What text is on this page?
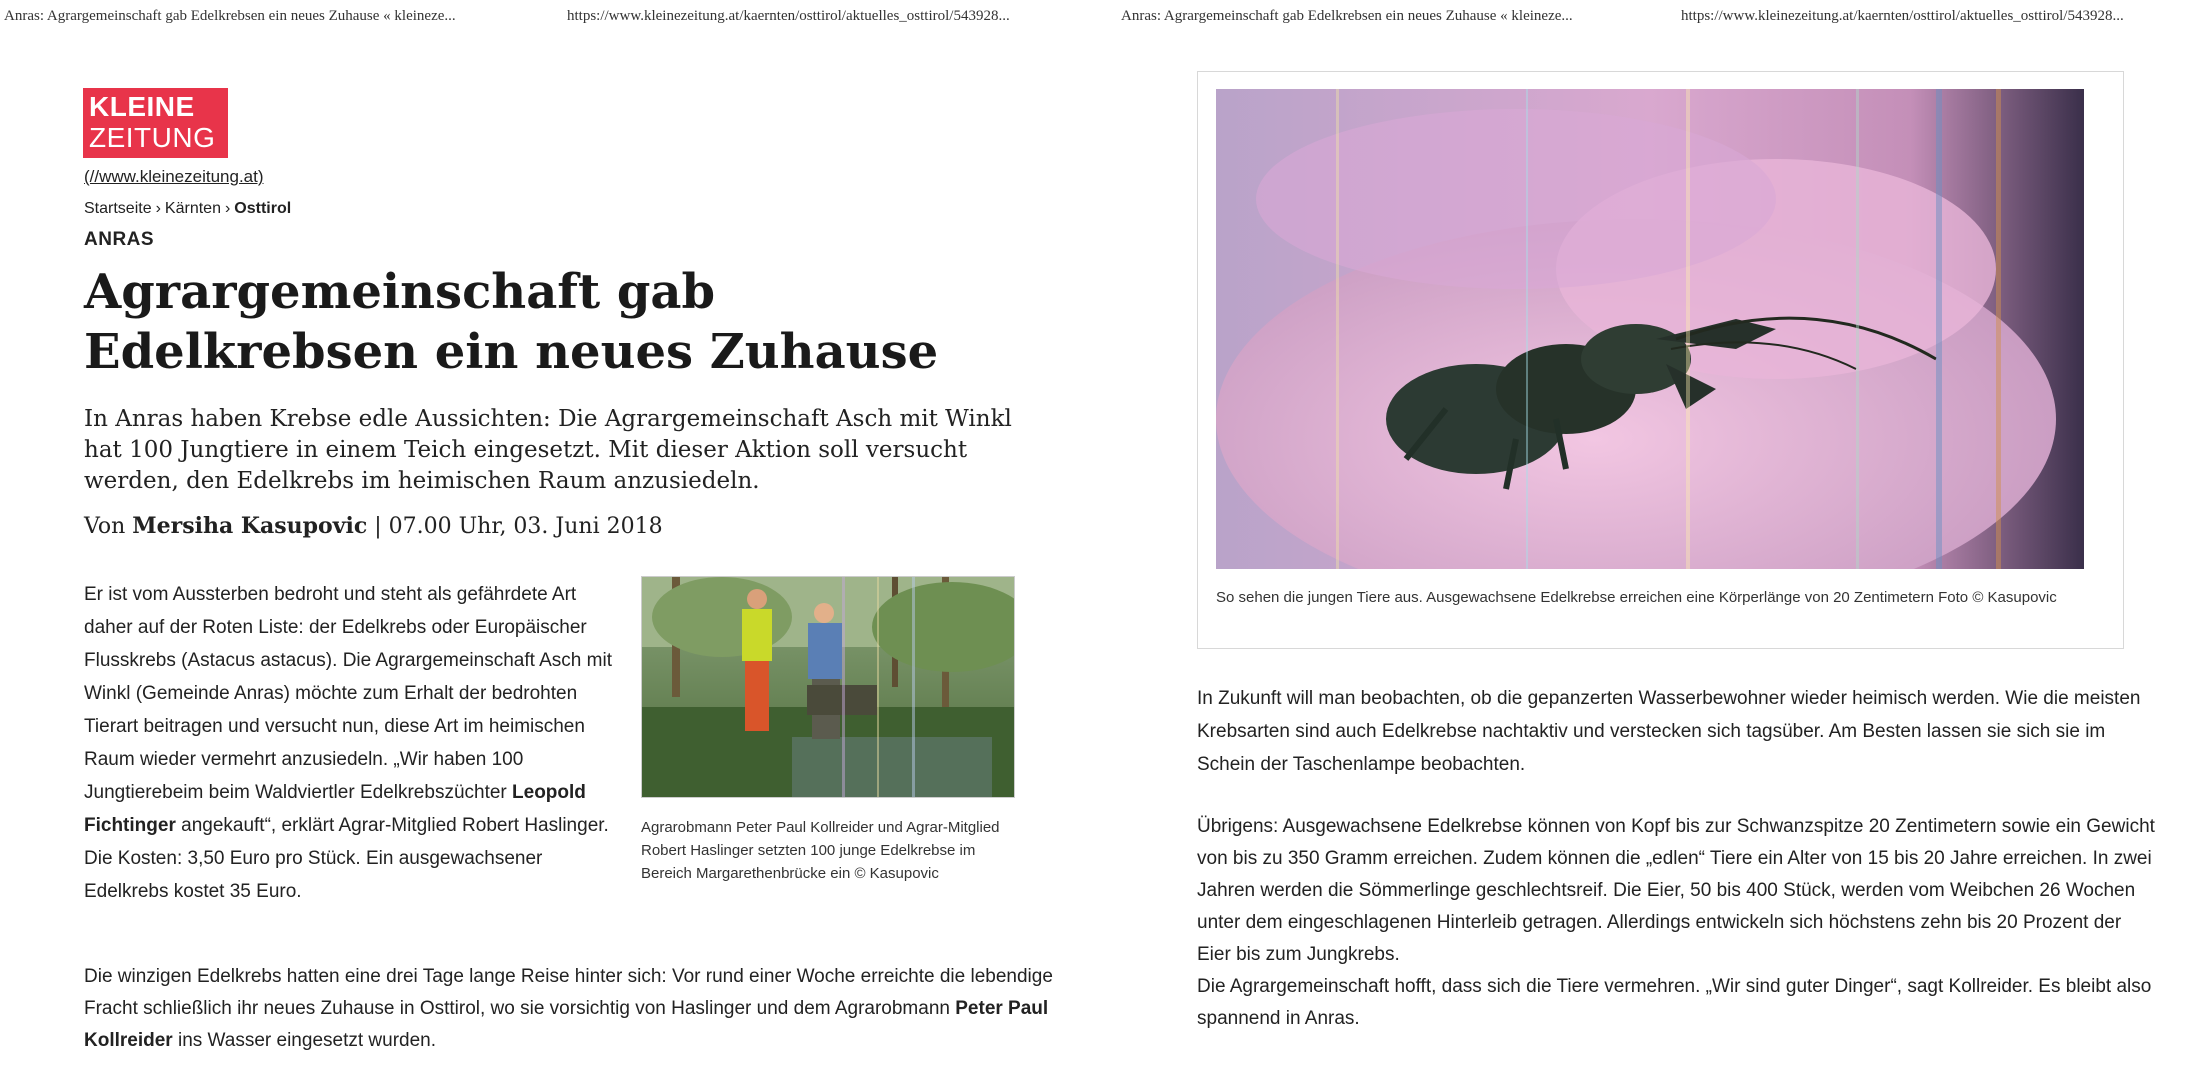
Anras: Agrargemeinschaft gab Edelkrebsen ein neues Zuhause « kleineze...	https://www.kleinezeitung.at/kaernten/osttirol/aktuelles_osttirol/543928...	Anras: Agrargemeinschaft gab Edelkrebsen ein neues Zuhause « kleineze...	https://www.kleinezeitung.at/kaernten/osttirol/aktuelles_osttirol/543928...
KLEINE
ZEITUNG
(//www.kleinezeitung.at)
Startseite › Kärnten › Osttirol
ANRAS
Agrargemeinschaft gab Edelkrebsen ein neues Zuhause

In Anras haben Krebse edle Aussichten: Die Agrargemeinschaft Asch mit Winkl hat 100 Jungtiere in einem Teich eingesetzt. Mit dieser Aktion soll versucht werden, den Edelkrebs im heimischen Raum anzusiedeln.

Von Mersiha Kasupovic | 07.00 Uhr, 03. Juni 2018

Er ist vom Aussterben bedroht und steht als gefährdete Art daher auf der Roten Liste: der Edelkrebs oder Europäischer Flusskrebs (Astacus astacus). Die Agrargemeinschaft Asch mit Winkl (Gemeinde Anras) möchte zum Erhalt der bedrohten Tierart beitragen und versucht nun, diese Art im heimischen Raum wieder vermehrt anzusiedeln. „Wir haben 100 Jungtierebeim beim Waldviertler Edelkrebszüchter Leopold Fichtinger angekauft“, erklärt Agrar-Mitglied Robert Haslinger. Die Kosten: 3,50 Euro pro Stück. Ein ausgewachsener Edelkrebs kostet 35 Euro.

Agrarobmann Peter Paul Kollreider und Agrar-Mitglied Robert Haslinger setzten 100 junge Edelkrebse im Bereich Margarethenbrücke ein © Kasupovic

Die winzigen Edelkrebs hatten eine drei Tage lange Reise hinter sich: Vor rund einer Woche erreichte die lebendige Fracht schließlich ihr neues Zuhause in Osttirol, wo sie vorsichtig von Haslinger und dem Agrarobmann Peter Paul Kollreider ins Wasser eingesetzt wurden.

So sehen die jungen Tiere aus. Ausgewachsene Edelkrebse erreichen eine Körperlänge von 20 Zentimetern Foto © Kasupovic

In Zukunft will man beobachten, ob die gepanzerten Wasserbewohner wieder heimisch werden. Wie die meisten Krebsarten sind auch Edelkrebse nachtaktiv und verstecken sich tagsüber. Am Besten lassen sie sich sie im Schein der Taschenlampe beobachten.

Übrigens: Ausgewachsene Edelkrebse können von Kopf bis zur Schwanzspitze 20 Zentimetern sowie ein Gewicht von bis zu 350 Gramm erreichen. Zudem können die „edlen“ Tiere ein Alter von 15 bis 20 Jahre erreichen. In zwei Jahren werden die Sömmerlinge geschlechtsreif. Die Eier, 50 bis 400 Stück, werden vom Weibchen 26 Wochen unter dem eingeschlagenen Hinterleib getragen. Allerdings entwickeln sich höchstens zehn bis 20 Prozent der Eier bis zum Jungkrebs.
Die Agrargemeinschaft hofft, dass sich die Tiere vermehren. „Wir sind guter Dinger“, sagt Kollreider. Es bleibt also spannend in Anras.
